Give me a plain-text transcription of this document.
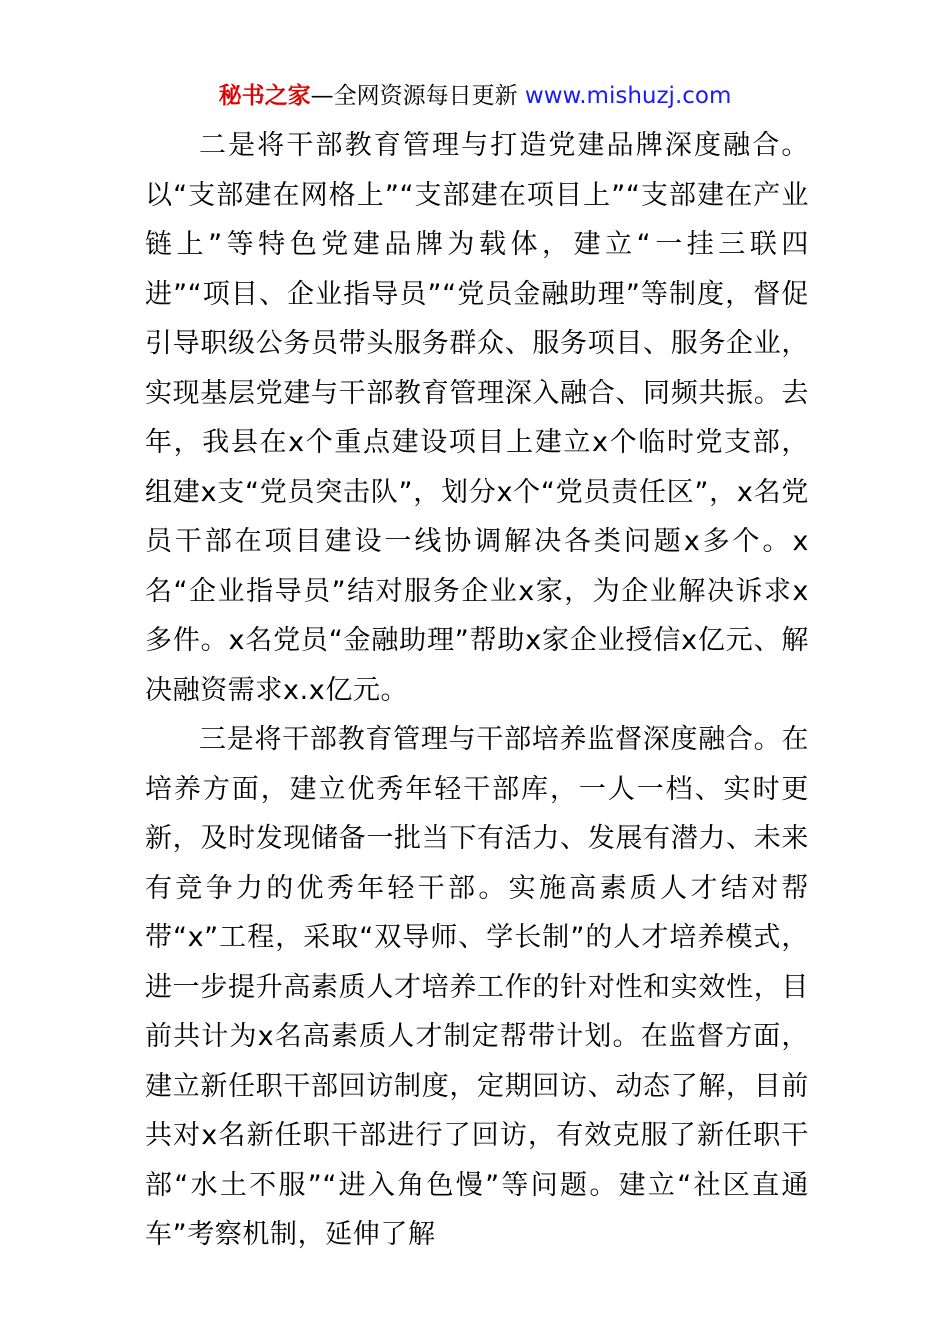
秘书之家—全网资源每日更新 www.mishuzj.com

二是将干部教育管理与打造党建品牌深度融合。以“支部建在网格上”“支部建在项目上”“支部建在产业链上”等特色党建品牌为载体，建立“一挂三联四进”“项目、企业指导员”“党员金融助理”等制度，督促引导职级公务员带头服务群众、服务项目、服务企业，实现基层党建与干部教育管理深入融合、同频共振。去年，我县在x个重点建设项目上建立x个临时党支部，组建x支“党员突击队”，划分x个“党员责任区”，x名党员干部在项目建设一线协调解决各类问题x多个。x名“企业指导员”结对服务企业x家，为企业解决诉求x多件。x名党员“金融助理”帮助x家企业授信x亿元、解决融资需求x.x亿元。

三是将干部教育管理与干部培养监督深度融合。在培养方面，建立优秀年轻干部库，一人一档、实时更新，及时发现储备一批当下有活力、发展有潜力、未来有竞争力的优秀年轻干部。实施高素质人才结对帮带“x”工程，采取“双导师、学长制”的人才培养模式，进一步提升高素质人才培养工作的针对性和实效性，目前共计为x名高素质人才制定帮带计划。在监督方面，建立新任职干部回访制度，定期回访、动态了解，目前共对x名新任职干部进行了回访，有效克服了新任职干部“水土不服”“进入角色慢”等问题。建立“社区直通车”考察机制，延伸了解
